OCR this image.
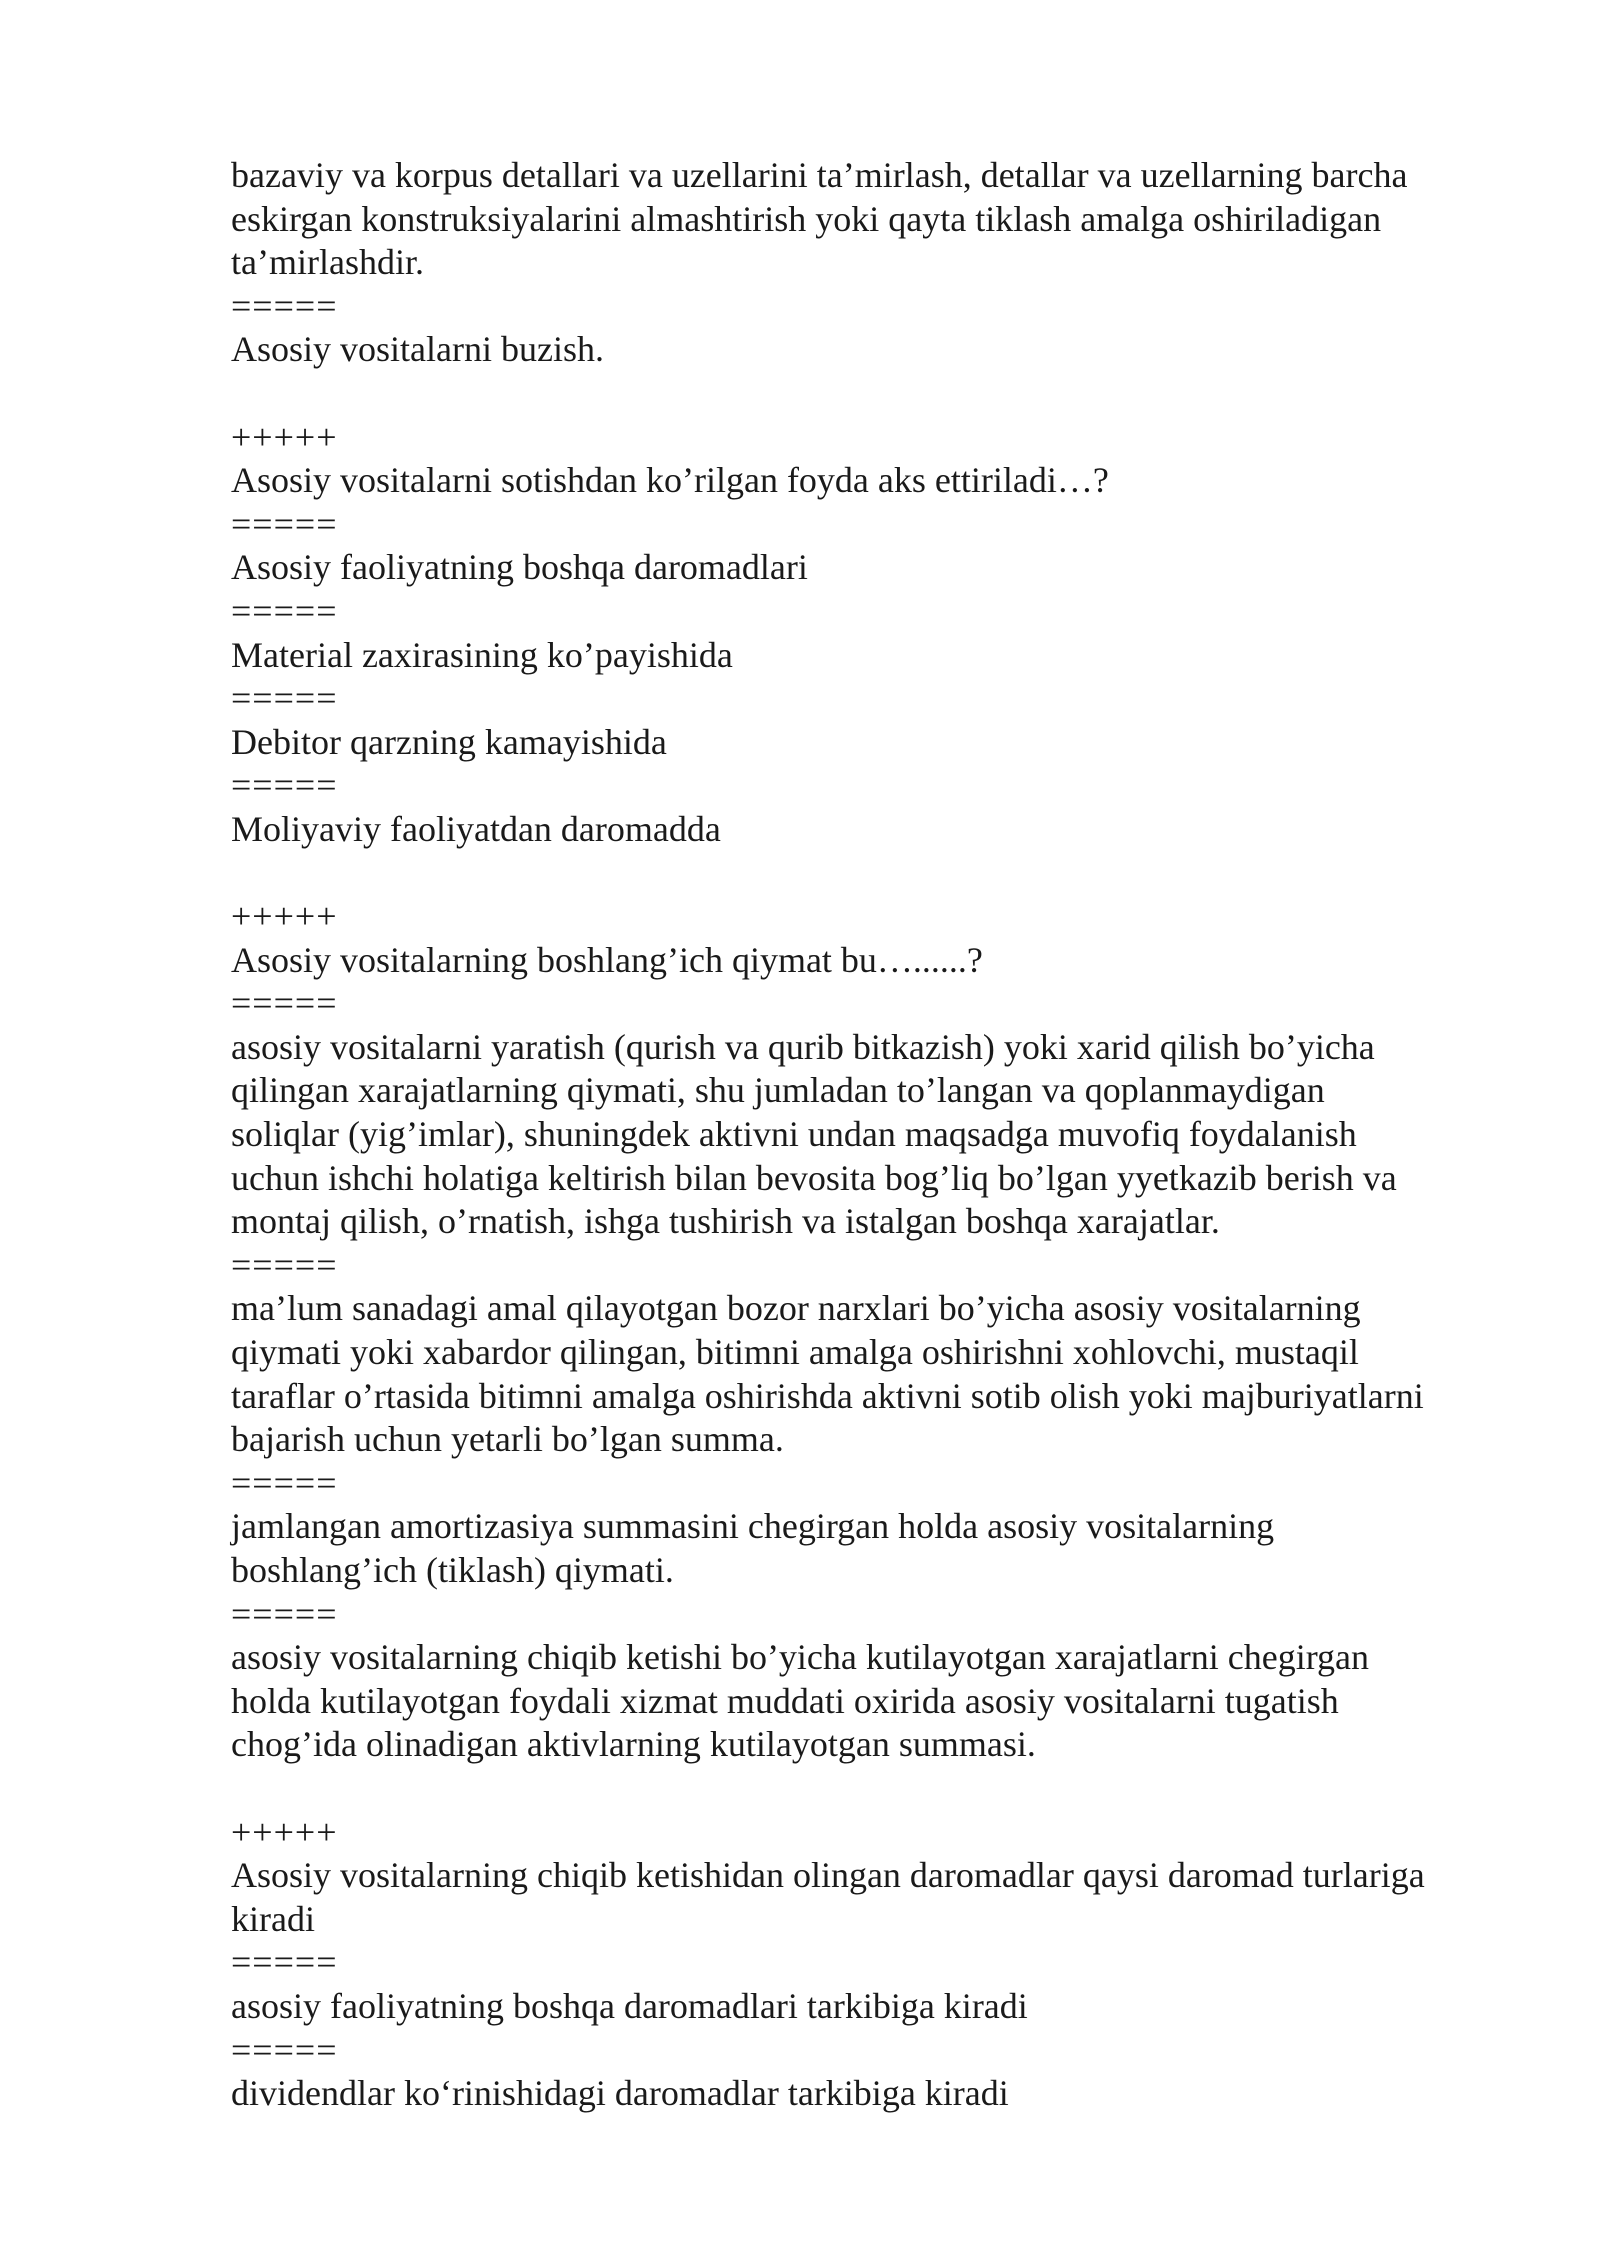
bazaviy va korpus detallari va uzellarini ta’mirlash, detallar va uzellarning barcha
eskirgan konstruksiyalarini almashtirish yoki qayta tiklash amalga oshiriladigan
ta’mirlashdir.
=====
Asosiy vositalarni buzish.
+++++
Asosiy vositalarni sotishdan ko’rilgan foyda aks ettiriladi…?
=====
Asosiy faoliyatning boshqa daromadlari
=====
Material zaxirasining ko’payishida
=====
Debitor qarzning kamayishida
=====
Moliyaviy faoliyatdan daromadda
+++++
Asosiy vositalarning boshlang’ich qiymat bu…......?
=====
asosiy vositalarni yaratish (qurish va qurib bitkazish) yoki xarid qilish bo’yicha
qilingan xarajatlarning qiymati, shu jumladan to’langan va qoplanmaydigan
soliqlar (yig’imlar), shuningdek aktivni undan maqsadga muvofiq foydalanish
uchun ishchi holatiga keltirish bilan bevosita bog’liq bo’lgan yyetkazib berish va
montaj qilish, o’rnatish, ishga tushirish va istalgan boshqa xarajatlar.
=====
ma’lum sanadagi amal qilayotgan bozor narxlari bo’yicha asosiy vositalarning
qiymati yoki xabardor qilingan, bitimni amalga oshirishni xohlovchi, mustaqil
taraflar o’rtasida bitimni amalga oshirishda aktivni sotib olish yoki majburiyatlarni
bajarish uchun yetarli bo’lgan summa.
=====
jamlangan amortizasiya summasini chegirgan holda asosiy vositalarning
boshlang’ich (tiklash) qiymati.
=====
asosiy vositalarning chiqib ketishi bo’yicha kutilayotgan xarajatlarni chegirgan
holda kutilayotgan foydali xizmat muddati oxirida asosiy vositalarni tugatish
chog’ida olinadigan aktivlarning kutilayotgan summasi.
+++++
Asosiy vositalarning chiqib ketishidan olingan daromadlar qaysi daromad turlariga
kiradi
=====
asosiy faoliyatning boshqa daromadlari tarkibiga kiradi
=====
dividendlar koʻrinishidagi daromadlar tarkibiga kiradi
